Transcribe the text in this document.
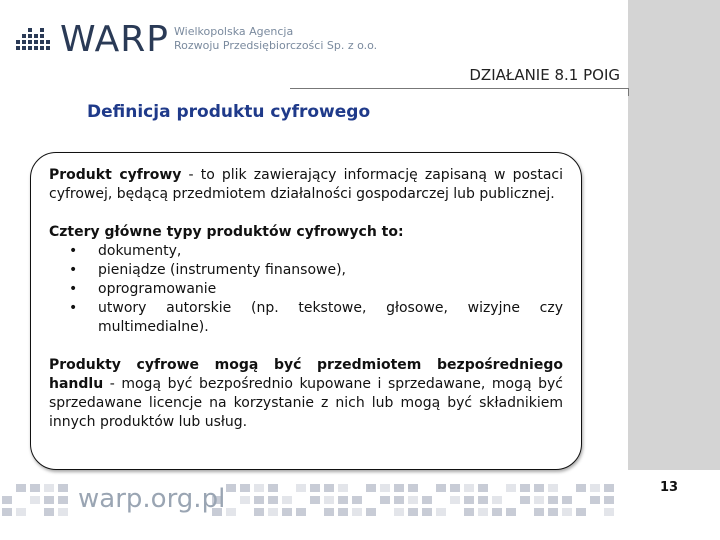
WARP Wielkopolska Agencja
Rozwoju Przedsiębiorczości Sp. z o.o.
DZIAŁANIE 8.1 POIG
Definicja produktu cyfrowego

Produkt cyfrowy - to plik zawierający informację zapisaną w postaci cyfrowej, będącą przedmiotem działalności gospodarczej lub publicznej.

Cztery główne typy produktów cyfrowych to:

• dokumenty,
• pieniądze (instrumenty finansowe),
• oprogramowanie
• utwory autorskie (np. tekstowe, głosowe, wizyjne czy multimedialne).

Produkty cyfrowe mogą być przedmiotem bezpośredniego handlu - mogą być bezpośrednio kupowane i sprzedawane, mogą być sprzedawane licencje na korzystanie z nich lub mogą być składnikiem innych produktów lub usług.

warp.org.pl	13
